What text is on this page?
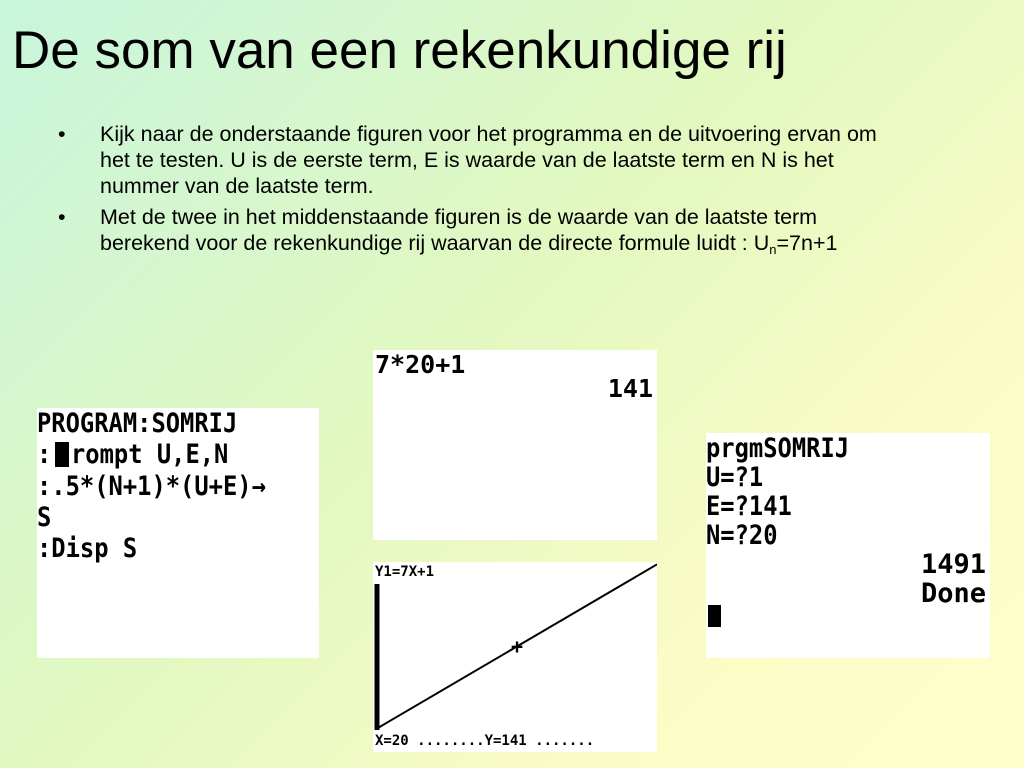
De som van een rekenkundige rij
• Kijk naar de onderstaande figuren voor het programma en de uitvoering ervan om het te testen. U is de eerste term, E is waarde van de laatste term en N is het nummer van de laatste term.
• Met de twee in het middenstaande figuren is de waarde van de laatste term berekend voor de rekenkundige rij waarvan de directe formule luidt : $U_n=7n+1$
PROGRAM:SOMRIJ
: rompt U,E,N
:.5*(N+1)*(U+E)→
S
:Disp S
7*20+1
141
Y1=7X+1
+
X=20 ........Y=141 .......
prgmSOMRIJ
U=?1
E=?141
N=?20
1491
Done
